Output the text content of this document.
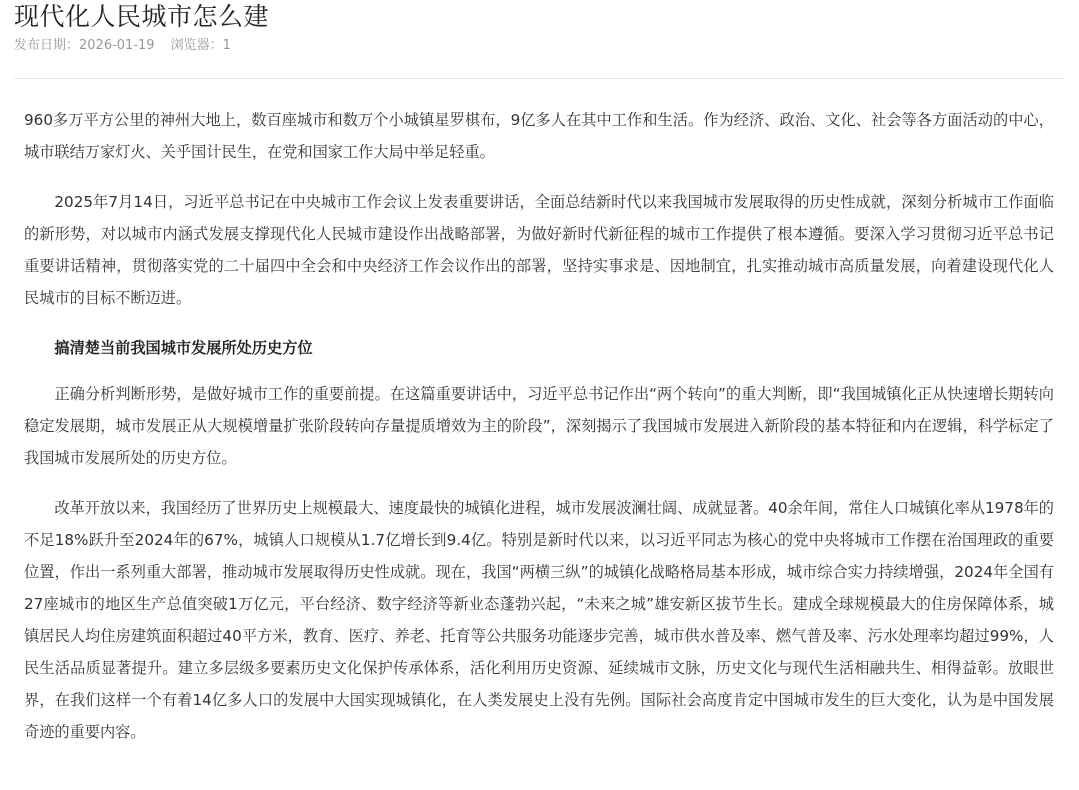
现代化人民城市怎么建
发布日期：2026-01-19 浏览器：1

960多万平方公里的神州大地上，数百座城市和数万个小城镇星罗棋布，9亿多人在其中工作和生活。作为经济、政治、文化、社会等各方面活动的中心，城市联结万家灯火、关乎国计民生，在党和国家工作大局中举足轻重。

2025年7月14日，习近平总书记在中央城市工作会议上发表重要讲话，全面总结新时代以来我国城市发展取得的历史性成就，深刻分析城市工作面临的新形势，对以城市内涵式发展支撑现代化人民城市建设作出战略部署，为做好新时代新征程的城市工作提供了根本遵循。要深入学习贯彻习近平总书记重要讲话精神，贯彻落实党的二十届四中全会和中央经济工作会议作出的部署，坚持实事求是、因地制宜，扎实推动城市高质量发展，向着建设现代化人民城市的目标不断迈进。

搞清楚当前我国城市发展所处历史方位

正确分析判断形势，是做好城市工作的重要前提。在这篇重要讲话中，习近平总书记作出“两个转向”的重大判断，即“我国城镇化正从快速增长期转向稳定发展期，城市发展正从大规模增量扩张阶段转向存量提质增效为主的阶段”，深刻揭示了我国城市发展进入新阶段的基本特征和内在逻辑，科学标定了我国城市发展所处的历史方位。

改革开放以来，我国经历了世界历史上规模最大、速度最快的城镇化进程，城市发展波澜壮阔、成就显著。40余年间，常住人口城镇化率从1978年的不足18%跃升至2024年的67%，城镇人口规模从1.7亿增长到9.4亿。特别是新时代以来，以习近平同志为核心的党中央将城市工作摆在治国理政的重要位置，作出一系列重大部署，推动城市发展取得历史性成就。现在，我国“两横三纵”的城镇化战略格局基本形成，城市综合实力持续增强，2024年全国有27座城市的地区生产总值突破1万亿元，平台经济、数字经济等新业态蓬勃兴起，“未来之城”雄安新区拔节生长。建成全球规模最大的住房保障体系，城镇居民人均住房建筑面积超过40平方米，教育、医疗、养老、托育等公共服务功能逐步完善，城市供水普及率、燃气普及率、污水处理率均超过99%，人民生活品质显著提升。建立多层级多要素历史文化保护传承体系，活化利用历史资源、延续城市文脉，历史文化与现代生活相融共生、相得益彰。放眼世界，在我们这样一个有着14亿多人口的发展中大国实现城镇化，在人类发展史上没有先例。国际社会高度肯定中国城市发生的巨大变化，认为是中国发展奇迹的重要内容。
